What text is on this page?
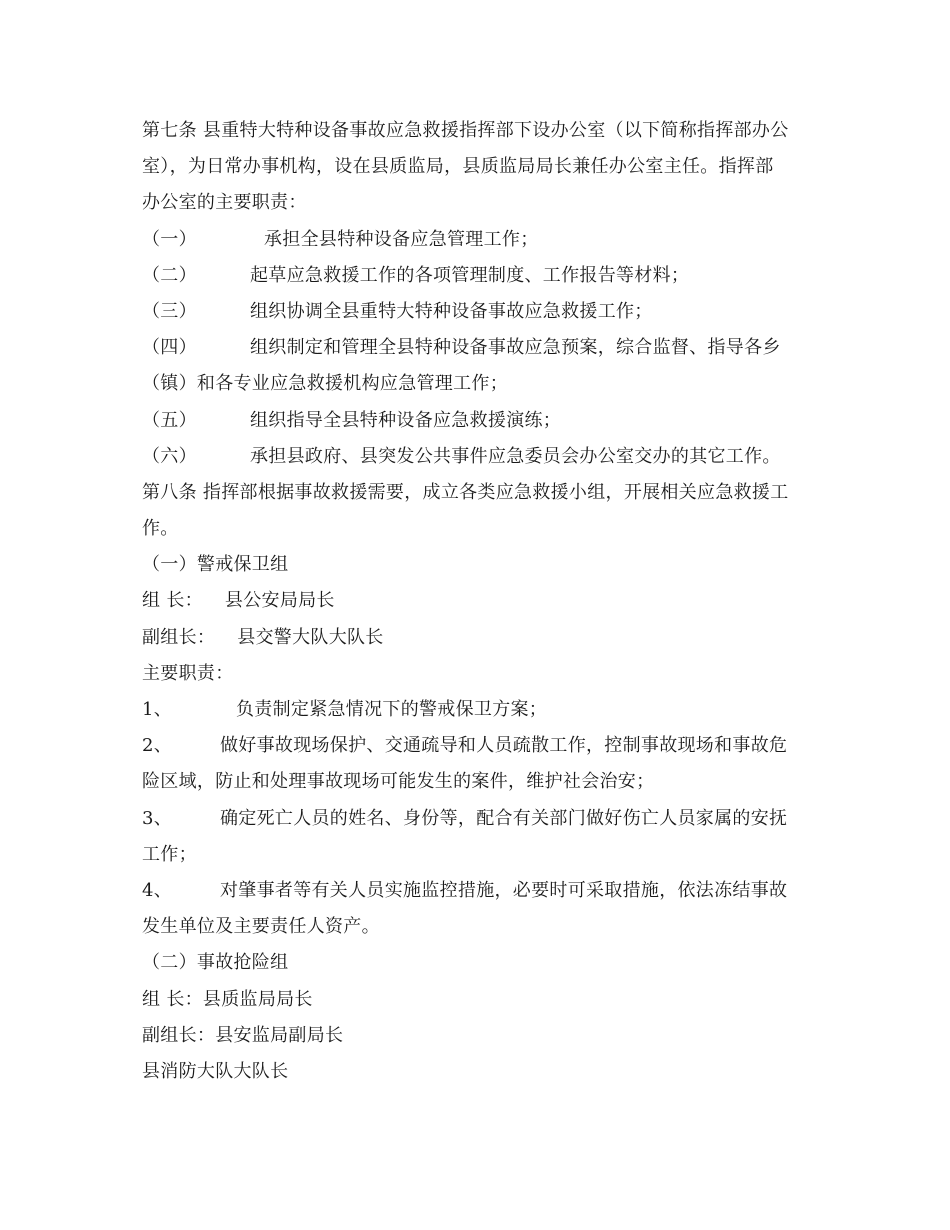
第七条 县重特大特种设备事故应急救援指挥部下设办公室（以下简称指挥部办公
室），为日常办事机构，设在县质监局，县质监局局长兼任办公室主任。指挥部
办公室的主要职责：
（一）	承担全县特种设备应急管理工作；
（二）	起草应急救援工作的各项管理制度、工作报告等材料；
（三）	组织协调全县重特大特种设备事故应急救援工作；
（四）	组织制定和管理全县特种设备事故应急预案，综合监督、指导各乡
（镇）和各专业应急救援机构应急管理工作；
（五）	组织指导全县特种设备应急救援演练；
（六）	承担县政府、县突发公共事件应急委员会办公室交办的其它工作。
第八条 指挥部根据事故救援需要，成立各类应急救援小组，开展相关应急救援工
作。
（一）警戒保卫组
组 长： 县公安局局长
副组长： 县交警大队大队长
主要职责：
1、	负责制定紧急情况下的警戒保卫方案；
2、	做好事故现场保护、交通疏导和人员疏散工作，控制事故现场和事故危
险区域，防止和处理事故现场可能发生的案件，维护社会治安；
3、	确定死亡人员的姓名、身份等，配合有关部门做好伤亡人员家属的安抚
工作；
4、	对肇事者等有关人员实施监控措施，必要时可采取措施，依法冻结事故
发生单位及主要责任人资产。
（二）事故抢险组
组 长：县质监局局长
副组长：县安监局副局长
县消防大队大队长
